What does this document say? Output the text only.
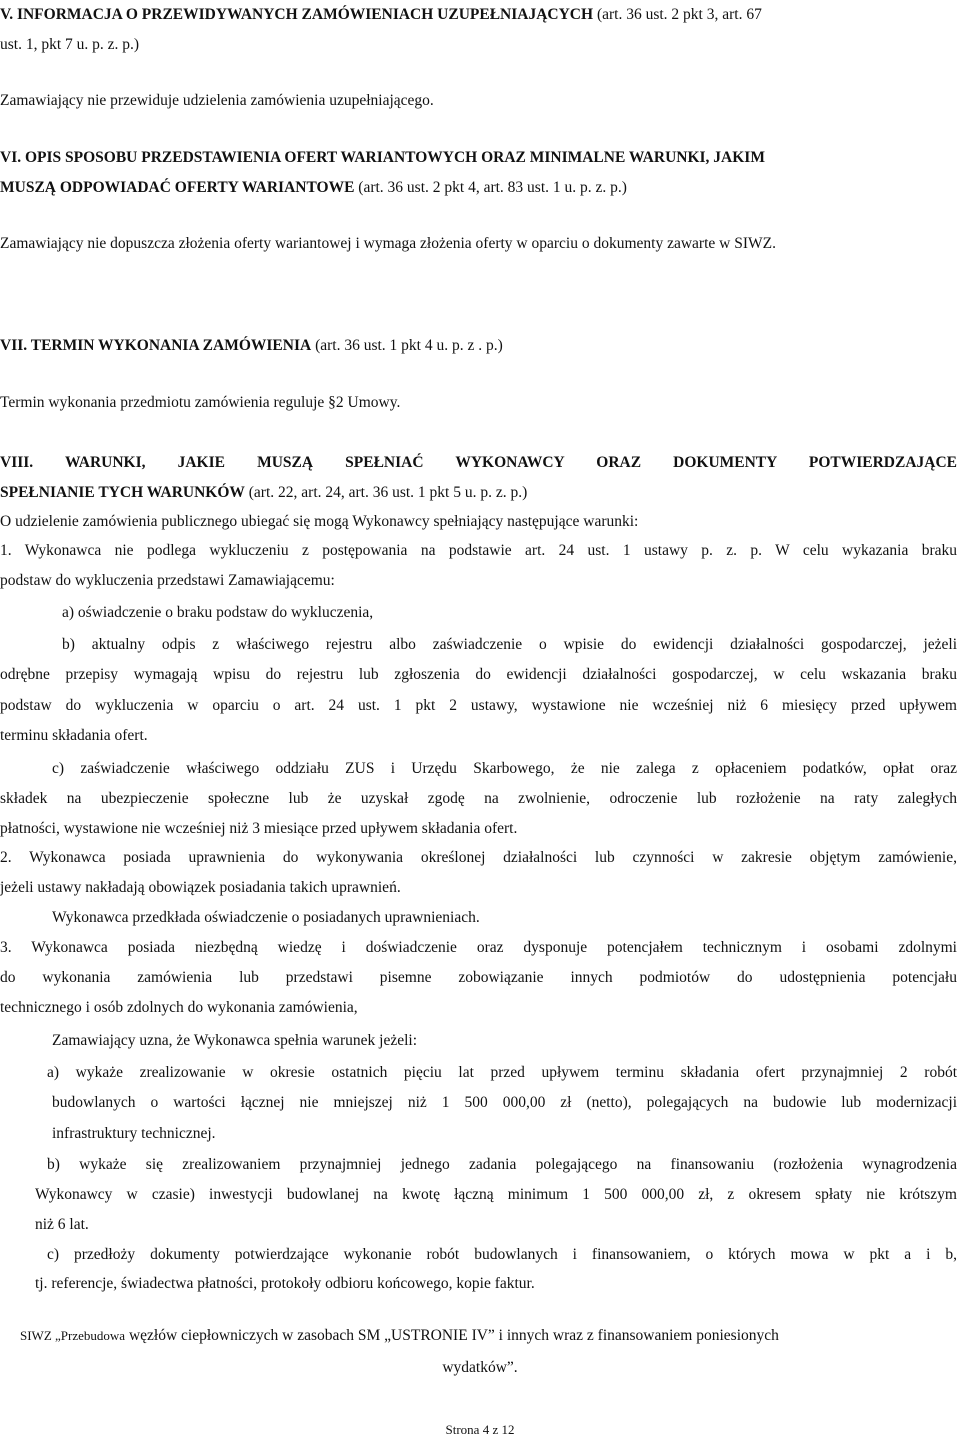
V. INFORMACJA O PRZEWIDYWANYCH ZAMÓWIENIACH UZUPEŁNIAJĄCYCH (art. 36 ust. 2 pkt 3, art. 67
ust. 1, pkt 7 u. p. z. p.)
Zamawiający nie przewiduje udzielenia zamówienia uzupełniającego.
VI. OPIS SPOSOBU PRZEDSTAWIENIA OFERT WARIANTOWYCH ORAZ MINIMALNE WARUNKI, JAKIM
MUSZĄ ODPOWIADAĆ OFERTY WARIANTOWE (art. 36 ust. 2 pkt 4, art. 83 ust. 1 u. p. z. p.)
Zamawiający nie dopuszcza złożenia oferty wariantowej i wymaga złożenia oferty w oparciu o dokumenty zawarte w SIWZ.
VII. TERMIN WYKONANIA ZAMÓWIENIA (art. 36 ust. 1 pkt 4 u. p. z . p.)
Termin wykonania przedmiotu zamówienia reguluje §2 Umowy.
VIII. WARUNKI, JAKIE MUSZĄ SPEŁNIAĆ WYKONAWCY ORAZ DOKUMENTY POTWIERDZAJĄCE
SPEŁNIANIE TYCH WARUNKÓW (art. 22, art. 24, art. 36 ust. 1 pkt 5 u. p. z. p.)
O udzielenie zamówienia publicznego ubiegać się mogą Wykonawcy spełniający następujące warunki:
1. Wykonawca nie podlega wykluczeniu z postępowania na podstawie art. 24 ust. 1 ustawy p. z. p. W celu wykazania braku
podstaw do wykluczenia przedstawi Zamawiającemu:
a) oświadczenie o braku podstaw do wykluczenia,
b) aktualny odpis z właściwego rejestru albo zaświadczenie o wpisie do ewidencji działalności gospodarczej, jeżeli
odrębne przepisy wymagają wpisu do rejestru lub zgłoszenia do ewidencji działalności gospodarczej, w celu wskazania braku
podstaw do wykluczenia w oparciu o art. 24 ust. 1 pkt 2 ustawy, wystawione nie wcześniej niż 6 miesięcy przed upływem
terminu składania ofert.
c) zaświadczenie właściwego oddziału ZUS i Urzędu Skarbowego, że nie zalega z opłaceniem podatków, opłat oraz
składek na ubezpieczenie społeczne lub że uzyskał zgodę na zwolnienie, odroczenie lub rozłożenie na raty zaległych
płatności, wystawione nie wcześniej niż 3 miesiące przed upływem składania ofert.
2. Wykonawca posiada uprawnienia do wykonywania określonej działalności lub czynności w zakresie objętym zamówienie,
jeżeli ustawy nakładają obowiązek posiadania takich uprawnień.
Wykonawca przedkłada oświadczenie o posiadanych uprawnieniach.
3. Wykonawca posiada niezbędną wiedzę i doświadczenie oraz dysponuje potencjałem technicznym i osobami zdolnymi
do wykonania zamówienia lub przedstawi pisemne zobowiązanie innych podmiotów do udostępnienia potencjału
technicznego i osób zdolnych do wykonania zamówienia,
Zamawiający uzna, że Wykonawca spełnia warunek jeżeli:
a) wykaże zrealizowanie w okresie ostatnich pięciu lat przed upływem terminu składania ofert przynajmniej 2 robót
budowlanych o wartości łącznej nie mniejszej niż 1 500 000,00 zł (netto), polegających na budowie lub modernizacji
infrastruktury technicznej.
b) wykaże się zrealizowaniem przynajmniej jednego zadania polegającego na finansowaniu (rozłożenia wynagrodzenia
Wykonawcy w czasie) inwestycji budowlanej na kwotę łączną minimum 1 500 000,00 zł, z okresem spłaty nie krótszym
niż 6 lat.
c) przedłoży dokumenty potwierdzające wykonanie robót budowlanych i finansowaniem, o których mowa w pkt a i b,
tj. referencje, świadectwa płatności, protokoły odbioru końcowego, kopie faktur.
SIWZ „Przebudowa węzłów ciepłowniczych w zasobach SM „USTRONIE IV” i innych wraz z finansowaniem poniesionych
wydatków”.
Strona 4 z 12
